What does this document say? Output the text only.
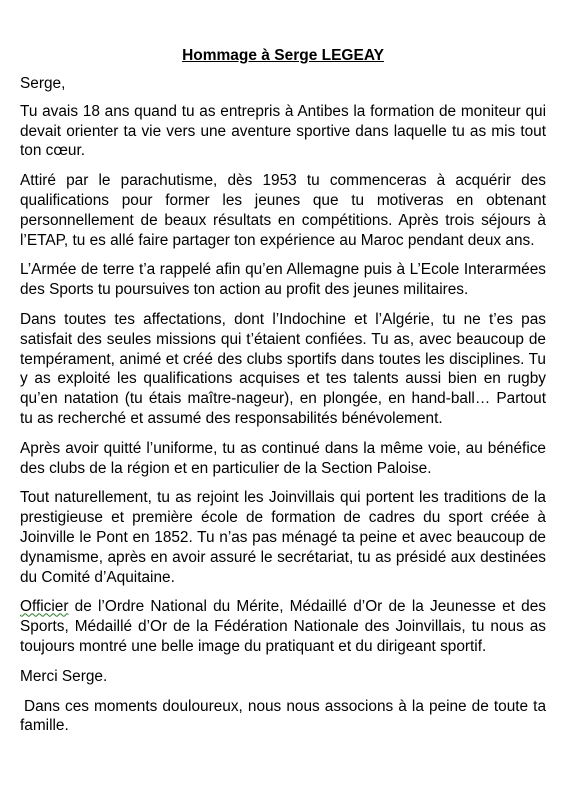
Hommage à Serge LEGEAY

Serge,

Tu avais 18 ans quand tu as entrepris à Antibes la formation de moniteur qui devait orienter ta vie vers une aventure sportive dans laquelle tu as mis tout ton cœur.

Attiré par le parachutisme, dès 1953 tu commenceras à acquérir des qualifications pour former les jeunes que tu motiveras en obtenant personnellement de beaux résultats en compétitions. Après trois séjours à l’ETAP, tu es allé faire partager ton expérience au Maroc pendant deux ans.

L’Armée de terre t’a rappelé afin qu’en Allemagne puis à L’Ecole Interarmées des Sports tu poursuives ton action au profit des jeunes militaires.

Dans toutes tes affectations, dont l’Indochine et l’Algérie, tu ne t’es pas satisfait des seules missions qui t’étaient confiées. Tu as, avec beaucoup de tempérament, animé et créé des clubs sportifs dans toutes les disciplines. Tu y as exploité les qualifications acquises et tes talents aussi bien en rugby qu’en natation (tu étais maître-nageur), en plongée, en hand-ball… Partout tu as recherché et assumé des responsabilités bénévolement.

Après avoir quitté l’uniforme, tu as continué dans la même voie, au bénéfice des clubs de la région et en particulier de la Section Paloise.

Tout naturellement, tu as rejoint les Joinvillais qui portent les traditions de la prestigieuse et première école de formation de cadres du sport créée à Joinville le Pont en 1852. Tu n’as pas ménagé ta peine et avec beaucoup de dynamisme, après en avoir assuré le secrétariat, tu as présidé aux destinées du Comité d’Aquitaine.

Officier de l’Ordre National du Mérite, Médaillé d’Or de la Jeunesse et des Sports, Médaillé d’Or de la Fédération Nationale des Joinvillais, tu nous as toujours montré une belle image du pratiquant et du dirigeant sportif.

Merci Serge.

Dans ces moments douloureux, nous nous associons à la peine de toute ta famille.
